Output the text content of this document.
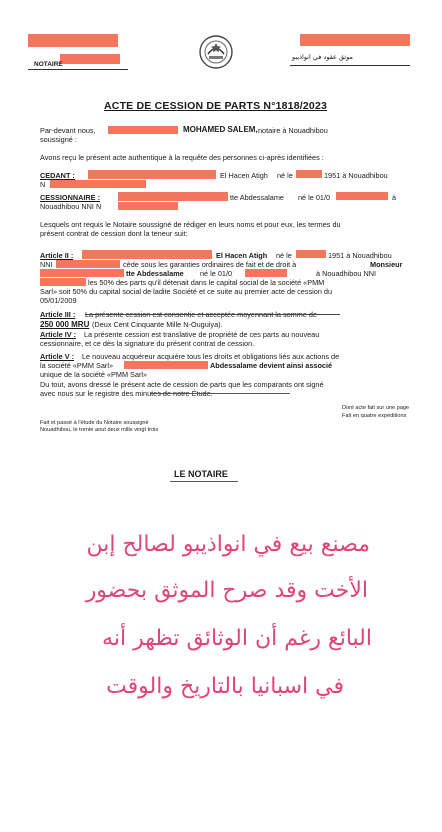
NOTAIRE
موثق عقود في انواذيبو
ACTE DE CESSION DE PARTS N°1818/2023
Par-devant nous,	MOHAMED SALEM, notaire à Nouadhibou
soussigné :
Avons reçu le présent acte authentique à la requête des personnes ci-après identifiées :
CEDANT :	El Hacen Atigh né le	1951 à Nouadhibou
N
CESSIONNAIRE :	tte Abdessalame né le 01/0	à
Nouadhibou NNI N
Lesquels ont requis le Notaire soussigné de rédiger en leurs noms et pour eux, les termes du
présent contrat de cession dont la teneur suit:
Article II :	El Hacen Atigh né le	1951 à Nouadhibou
NNI	cède sous les garanties ordinaires de fait et de droit à	Monsieur
tte Abdessalame né le 01/0	à Nouadhibou NNI
les 50% des parts qu'il détenait dans le capital social de la société «PMM
Sarl» soit 50% du capital social de ladite Société et ce suite au premier acte de cession du
05/01/2009
Article III : La présente cession est consentie et acceptée moyennant la somme de
250 000 MRU (Deux Cent Cinquante Mille N-Ouguiya).
Article IV : La présente cession est translative de propriété de ces parts au nouveau
cessionnaire, et ce dès la signature du présent contrat de cession.
Article V : Le nouveau acquéreur acquière tous les droits et obligations liés aux actions de
la société «PMM Sarl»	Abdessalame devient ainsi associé
unique de la société «PMM Sarl»
Du tout, avons dressé le présent acte de cession de parts que les comparants ont signé
avec nous sur le registre des minutes de notre Étude.
Dont acte fait sur une page
Fait en quatre expéditions
Fait et passé à l'étude du Notaire soussigné
Nouadhibou, le trente aout deux mille vingt trois
LE NOTAIRE
مصنع بيع في انواذيبو لصالح إبن
الأخت وقد صرح الموثق بحضور
البائع رغم أن الوثائق تظهر أنه
في اسبانيا بالتاريخ والوقت
